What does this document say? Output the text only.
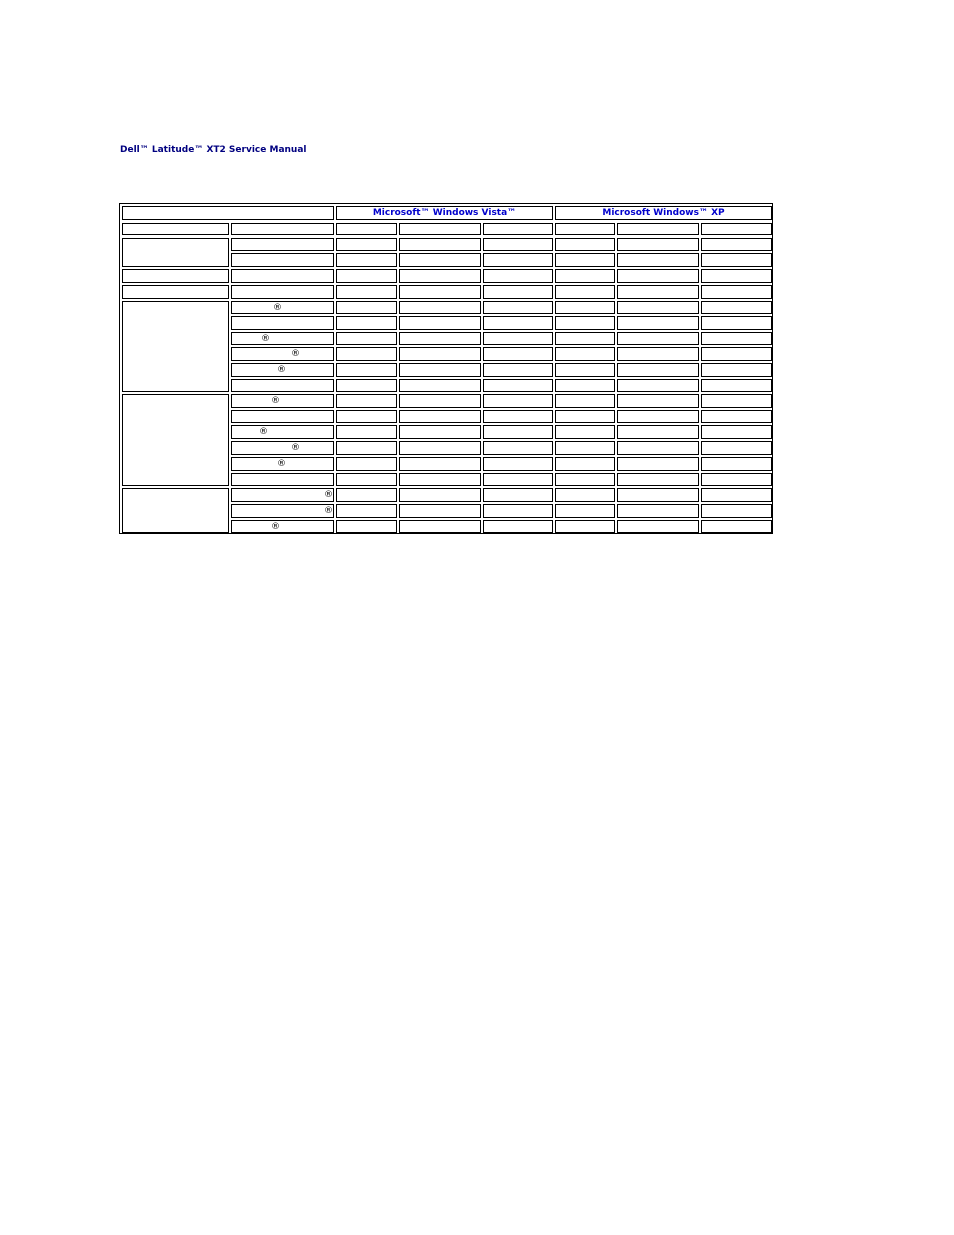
Dell™ Latitude™ XT2 Service Manual
Microsoft™ Windows Vista™	Microsoft Windows™ XP
®
®
®
®
®
®
®
®
®
®
®
